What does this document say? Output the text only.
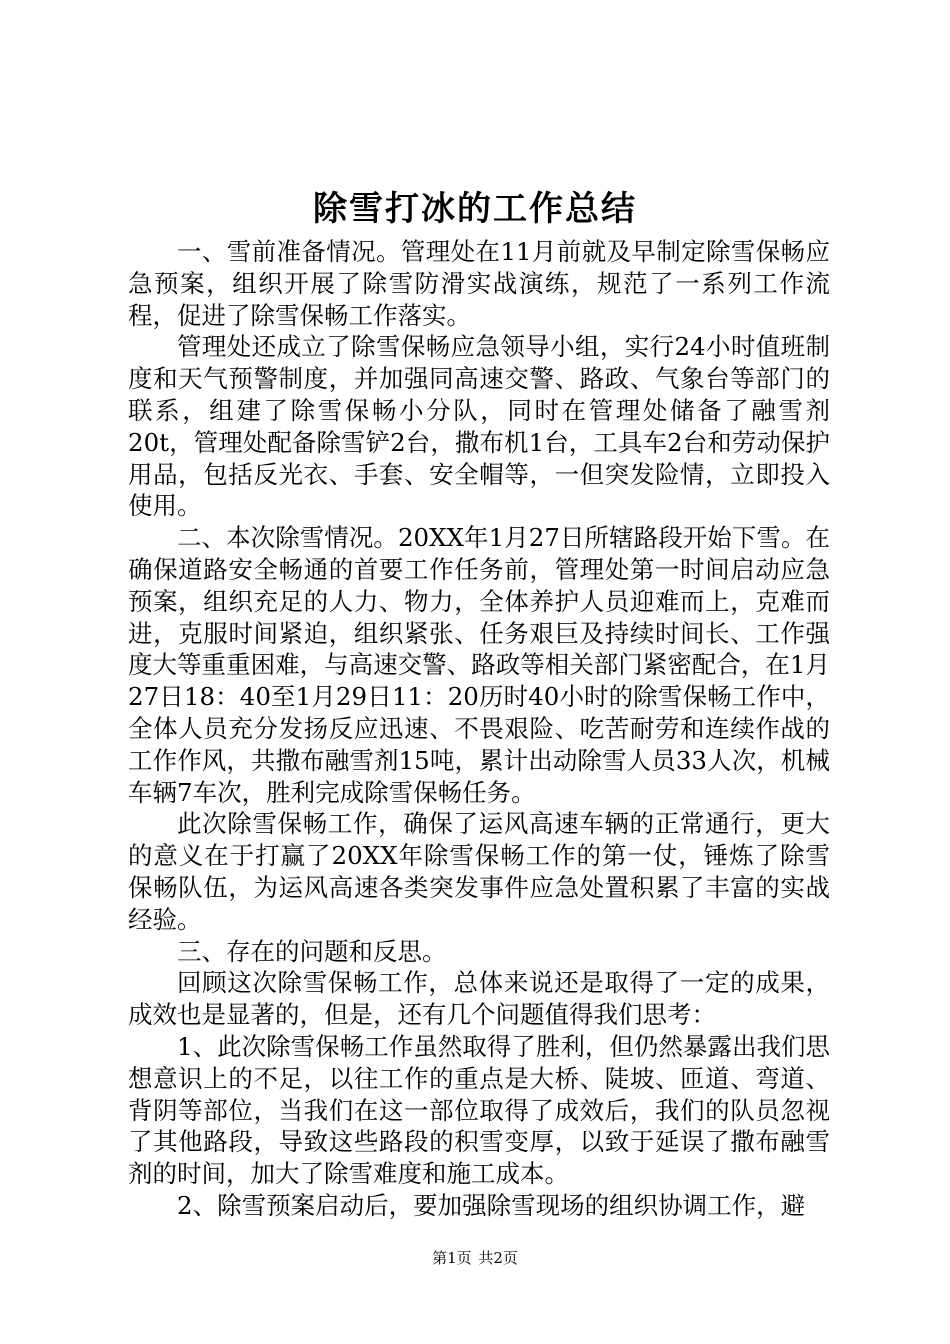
除雪打冰的工作总结

一、雪前准备情况。管理处在11月前就及早制定除雪保畅应急预案，组织开展了除雪防滑实战演练，规范了一系列工作流程，促进了除雪保畅工作落实。

管理处还成立了除雪保畅应急领导小组，实行24小时值班制度和天气预警制度，并加强同高速交警、路政、气象台等部门的联系，组建了除雪保畅小分队，同时在管理处储备了融雪剂20t，管理处配备除雪铲2台，撒布机1台，工具车2台和劳动保护用品，包括反光衣、手套、安全帽等，一但突发险情，立即投入使用。

二、本次除雪情况。20XX年1月27日所辖路段开始下雪。在确保道路安全畅通的首要工作任务前，管理处第一时间启动应急预案，组织充足的人力、物力，全体养护人员迎难而上，克难而进，克服时间紧迫，组织紧张、任务艰巨及持续时间长、工作强度大等重重困难，与高速交警、路政等相关部门紧密配合，在1月27日18：40至1月29日11：20历时40小时的除雪保畅工作中，全体人员充分发扬反应迅速、不畏艰险、吃苦耐劳和连续作战的工作作风，共撒布融雪剂15吨，累计出动除雪人员33人次，机械车辆7车次，胜利完成除雪保畅任务。

此次除雪保畅工作，确保了运风高速车辆的正常通行，更大的意义在于打赢了20XX年除雪保畅工作的第一仗，锤炼了除雪保畅队伍，为运风高速各类突发事件应急处置积累了丰富的实战经验。

三、存在的问题和反思。

回顾这次除雪保畅工作，总体来说还是取得了一定的成果，成效也是显著的，但是，还有几个问题值得我们思考：

1、此次除雪保畅工作虽然取得了胜利，但仍然暴露出我们思想意识上的不足，以往工作的重点是大桥、陡坡、匝道、弯道、背阴等部位，当我们在这一部位取得了成效后，我们的队员忽视了其他路段，导致这些路段的积雪变厚，以致于延误了撒布融雪剂的时间，加大了除雪难度和施工成本。

2、除雪预案启动后，要加强除雪现场的组织协调工作，避

第1页 共2页
